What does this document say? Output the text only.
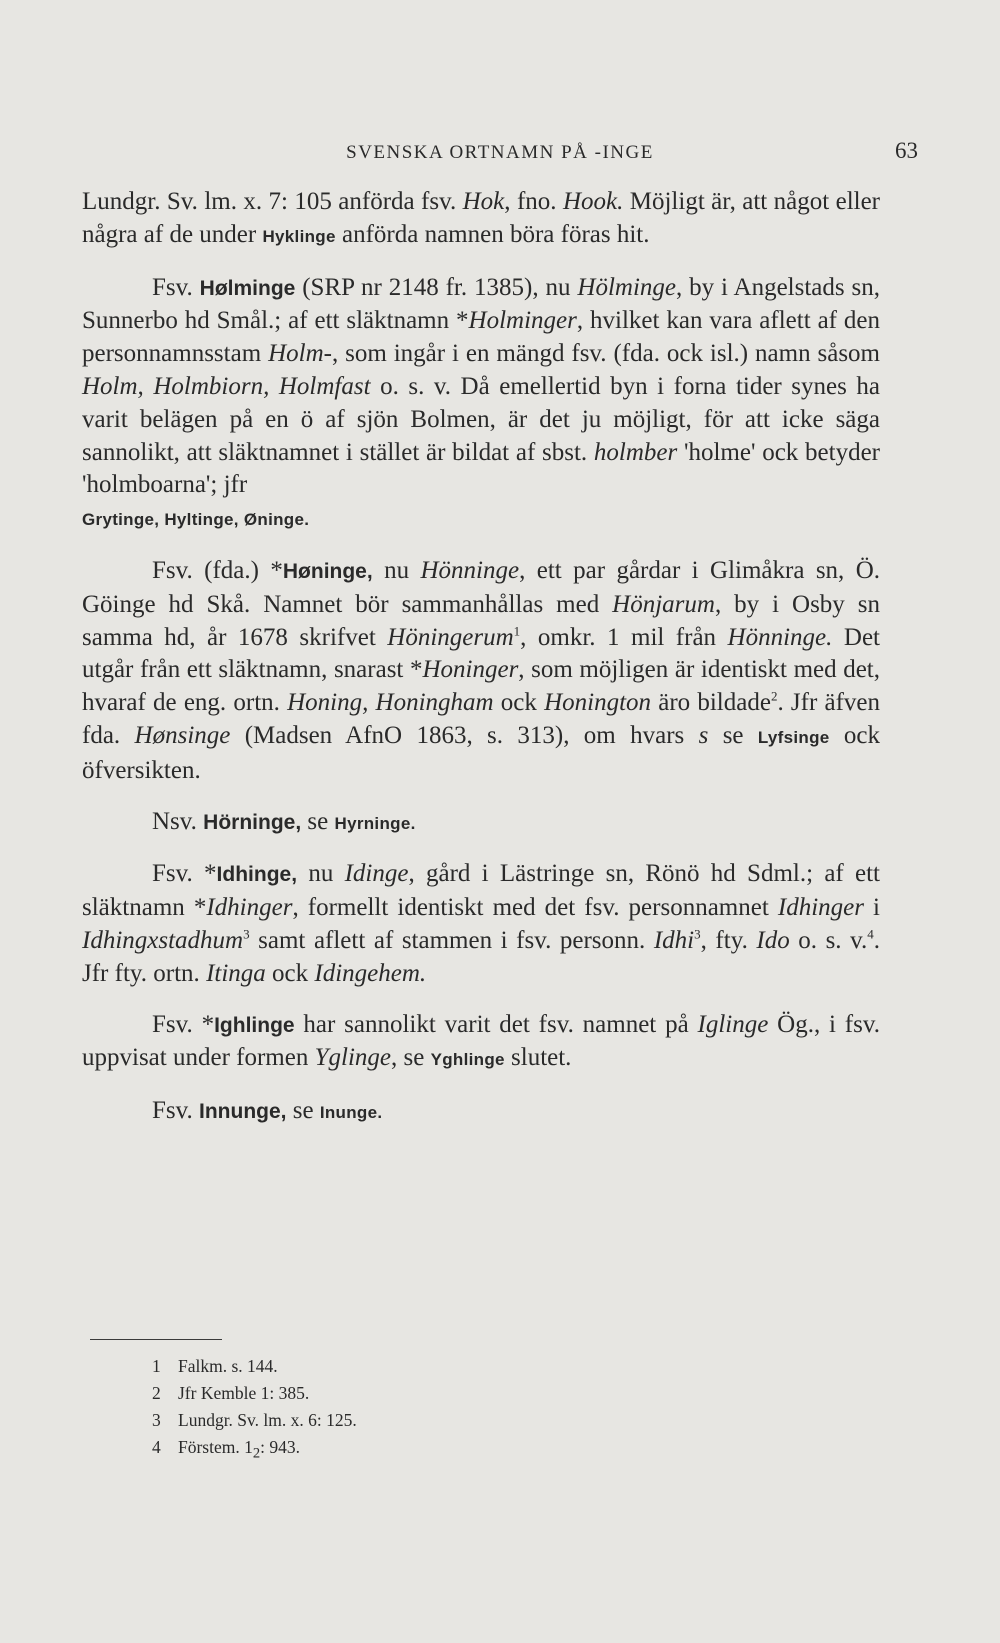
SVENSKA ORTNAMN PÅ -INGE	63

Lundgr. Sv. lm. x. 7: 105 anförda fsv. Hok, fno. Hook. Möjligt är, att något eller några af de under Hyklinge anförda namnen böra föras hit.

Fsv. Hølminge (SRP nr 2148 fr. 1385), nu Hölminge, by i Angelstads sn, Sunnerbo hd Smål.; af ett släktnamn *Holminger, hvilket kan vara aflett af den personnamnsstam Holm-, som ingår i en mängd fsv. (fda. ock isl.) namn såsom Holm, Holmbiorn, Holmfast o. s. v. Då emellertid byn i forna tider synes ha varit belägen på en ö af sjön Bolmen, är det ju möjligt, för att icke säga sannolikt, att släktnamnet i stället är bildat af sbst. holmber 'holme' ock betyder 'holmboarna'; jfr
Grytinge, Hyltinge, Øninge.

Fsv. (fda.) *Høninge, nu Hönninge, ett par gårdar i Glimåkra sn, Ö. Göinge hd Skå. Namnet bör sammanhållas med Hönjarum, by i Osby sn samma hd, år 1678 skrifvet Höningerum$^1$, omkr. 1 mil från Hönninge. Det utgår från ett släktnamn, snarast *Honinger, som möjligen är identiskt med det, hvaraf de eng. ortn. Honing, Honingham ock Honington äro bildade$^2$. Jfr äfven fda. Hønsinge (Madsen AfnO 1863, s. 313), om hvars s se Lyfsinge ock öfversikten.

Nsv. Hörninge, se Hyrninge.

Fsv. *Idhinge, nu Idinge, gård i Lästringe sn, Rönö hd Sdml.; af ett släktnamn *Idhinger, formellt identiskt med det fsv. personnamnet Idhinger i Idhingxstadhum$^3$ samt aflett af stammen i fsv. personn. Idhi$^3$, fty. Ido o. s. v.$^4$. Jfr fty. ortn. Itinga ock Idingehem.

Fsv. *Ighlinge har sannolikt varit det fsv. namnet på Iglinge Ög., i fsv. uppvisat under formen Yglinge, se Yghlinge slutet.

Fsv. Innunge, se Inunge.

1 Falkm. s. 144.
2 Jfr Kemble 1: 385.
3 Lundgr. Sv. lm. x. 6: 125.
4 Förstem. $1_2$: 943.
